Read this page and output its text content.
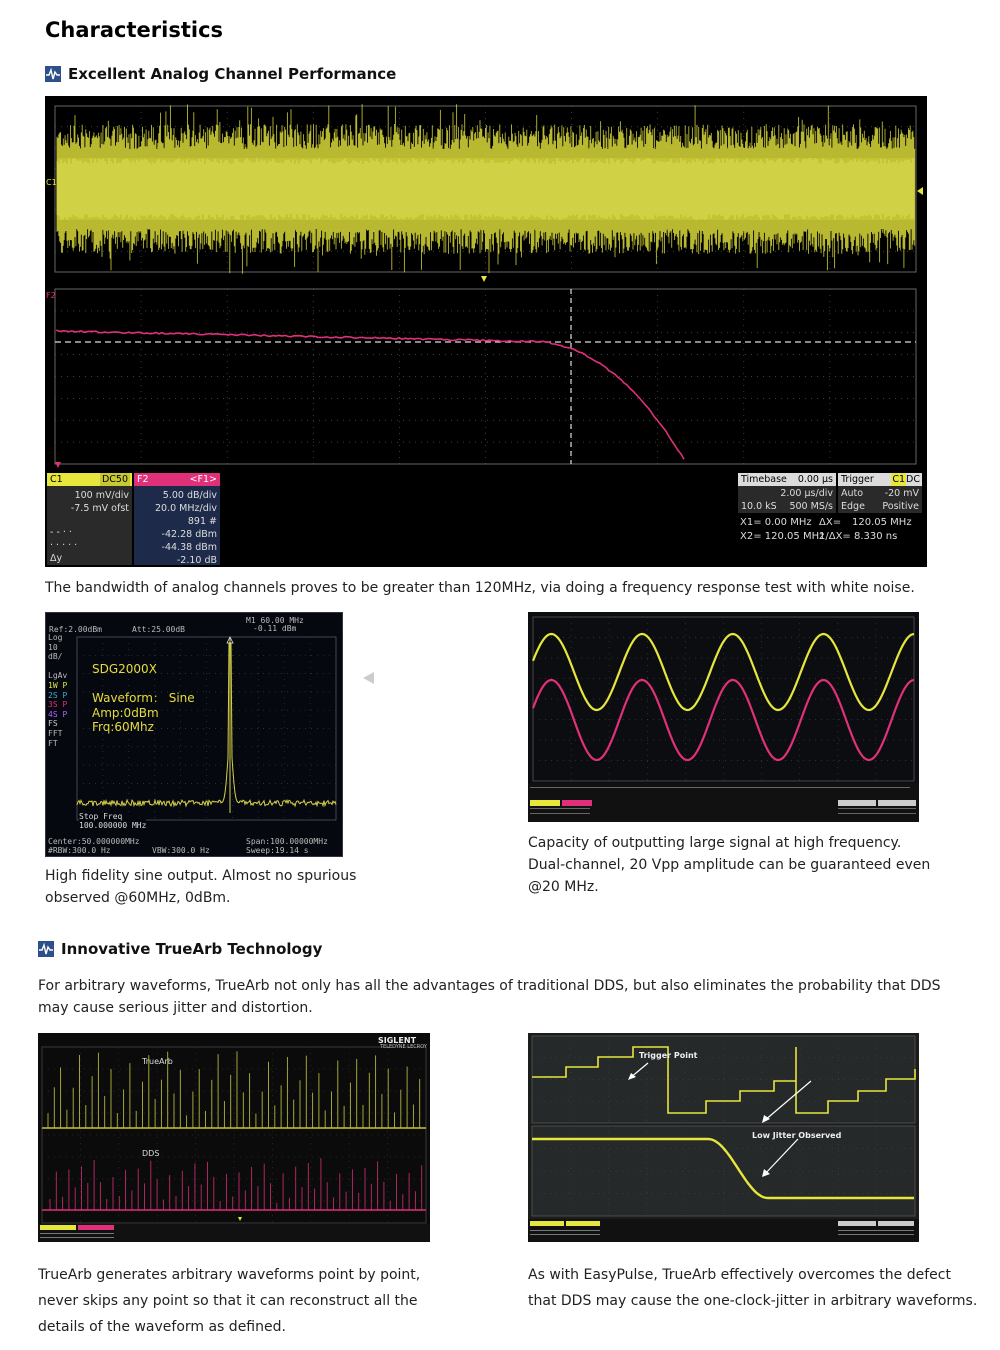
Characteristics
Excellent Analog Channel Performance
C1
F2
C1	DC50
100 mV/div
-7.5 mV ofst
- - · ·
· · · · ·
Δy
F2	<F1>
5.00 dB/div
20.0 MHz/div
891 #
-42.28 dBm
-44.38 dBm
-2.10 dB
Timebase 0.00 μs
2.00 μs/div
10.0 kS 500 MS/s
Trigger C1 DC
Auto -20 mV
Edge Positive
X1= 0.00 MHz ΔX= 120.05 MHz
X2= 120.05 MHz
1/ΔX= 8.330 ns
The bandwidth of analog channels proves to be greater than 120MHz, via doing a frequency response test with white noise.
Ref:2.00dBm	Att:25.00dB
M1 60.00 MHz
-0.11 dBm
Log
10
dB/

LgAv
1W P
2S P
3S P
4S P
FS
FFT
FT
SDG2000X
Waveform： Sine
Amp:0dBm
Frq:60Mhz
Stop Freq
100.000000 MHz
Center:50.000000MHz	Span:100.00000MHz
#RBW:300.0 Hz	VBW:300.0 Hz	Sweep:19.14 s
High fidelity sine output. Almost no spurious
observed @60MHz, 0dBm.
Capacity of outputting large signal at high frequency.
Dual-channel, 20 Vpp amplitude can be guaranteed even
@20 MHz.
Innovative TrueArb Technology
For arbitrary waveforms, TrueArb not only has all the advantages of traditional DDS, but also eliminates the probability that DDS
may cause serious jitter and distortion.
TrueArb
DDS
SIGLENT
TELEDYNE LECROY
Trigger Point
Low Jitter Observed
TrueArb generates arbitrary waveforms point by point,
never skips any point so that it can reconstruct all the
details of the waveform as defined.
As with EasyPulse, TrueArb effectively overcomes the defect
that DDS may cause the one-clock-jitter in arbitrary waveforms.
